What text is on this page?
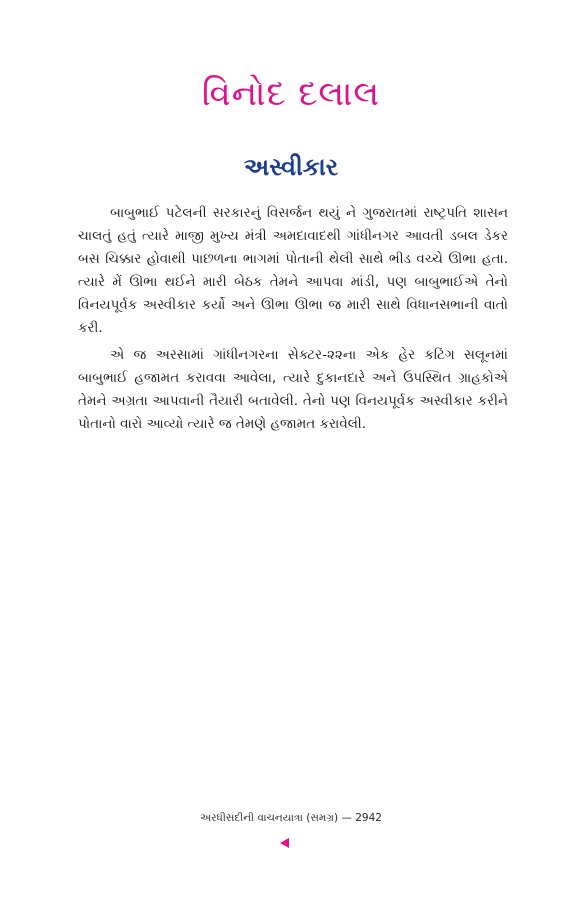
વિનોદ દલાલ
અસ્વીકાર

બાબુભાઈ પટેલની સરકારનું વિસર્જન થયું ને ગુજરાતમાં રાષ્ટ્રપતિ શાસન ચાલતું હતું ત્યારે માજી મુખ્ય મંત્રી અમદાવાદથી ગાંધીનગર આવતી ડબલ ડેકર બસ ચિક્કાર હોવાથી પાછળના ભાગમાં પોતાની થેલી સાથે ભીડ વચ્ચે ઊભા હતા. ત્યારે મેં ઊભા થઈને મારી બેઠક તેમને આપવા માંડી, પણ બાબુભાઈએ તેનો વિનયપૂર્વક અસ્વીકાર કર્યો અને ઊભા ઊભા જ મારી સાથે વિધાનસભાની વાતો કરી.

એ જ અરસામાં ગાંધીનગરના સેક્ટર-૨૨ના એક હેર કટિંગ સલૂનમાં બાબુભાઈ હજામત કરાવવા આવેલા, ત્યારે દુકાનદારે અને ઉપસ્થિત ગ્રાહકોએ તેમને અગ્રતા આપવાની તૈયારી બતાવેલી. તેનો પણ વિનયપૂર્વક અસ્વીકાર કરીને પોતાનો વારો આવ્યો ત્યારે જ તેમણે હજામત કરાવેલી.

અરધીસદીની વાચનયાત્રા (સમગ્ર) — 2942
